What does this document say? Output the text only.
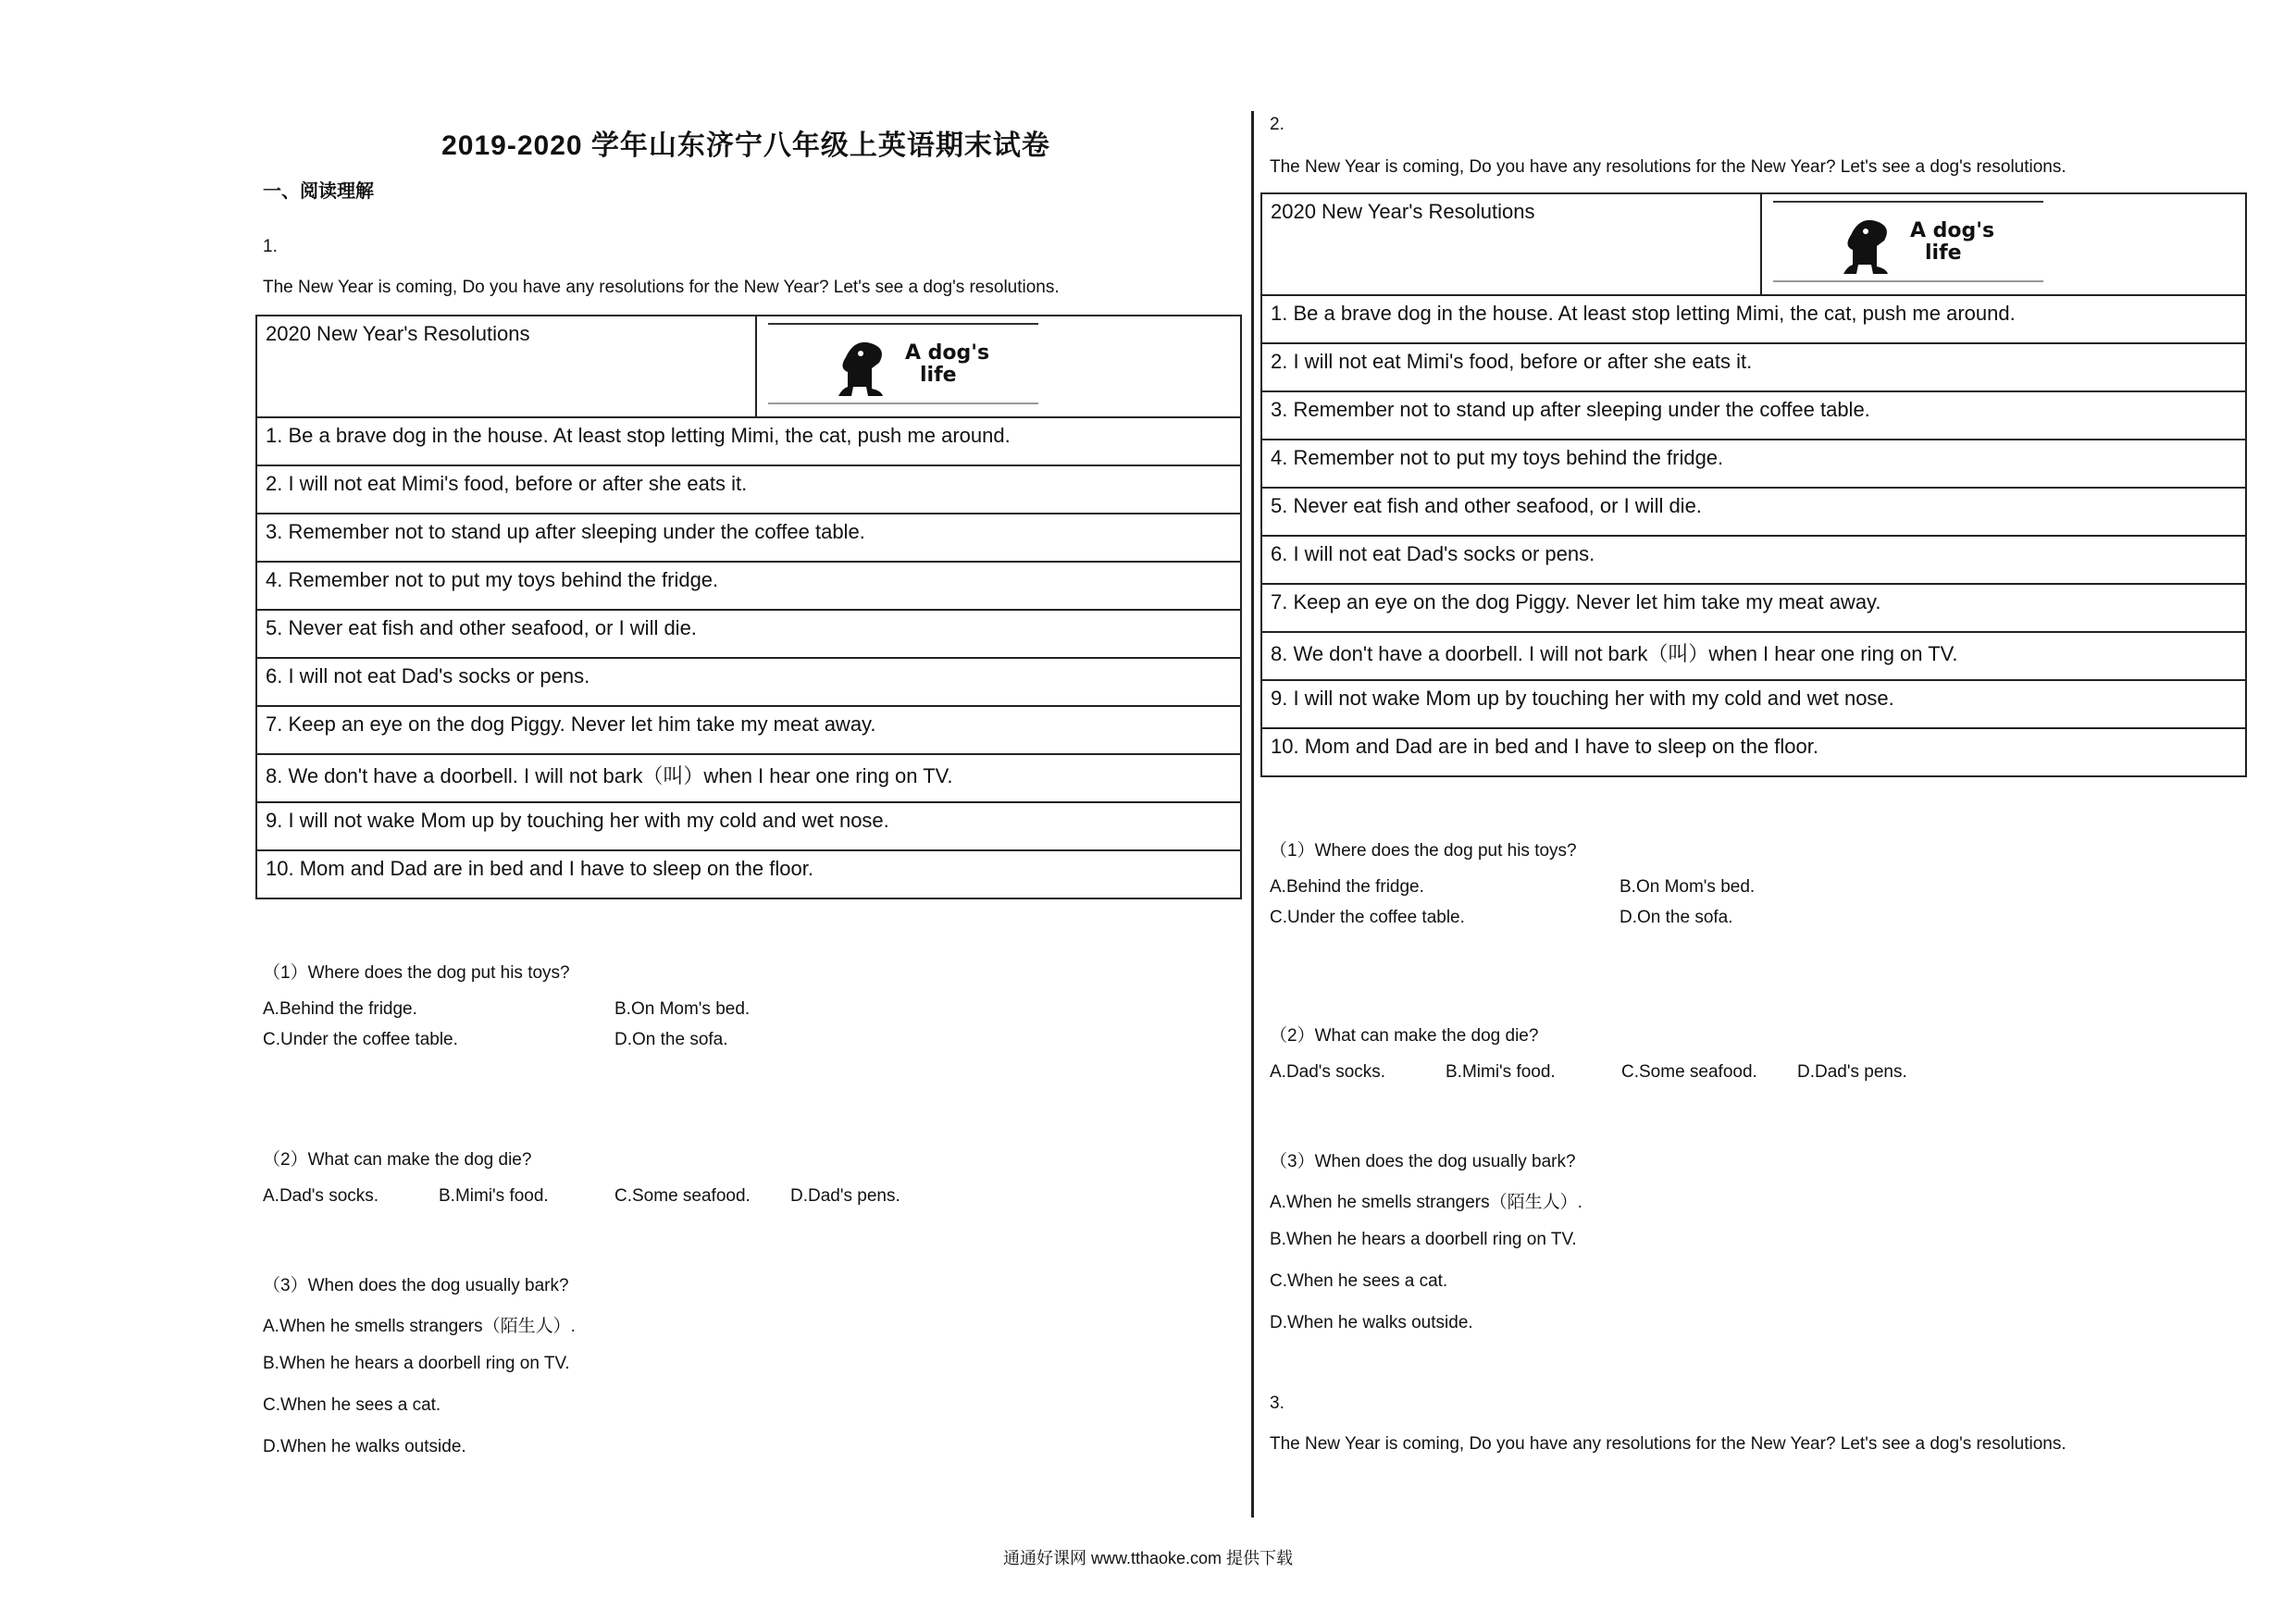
2019-2020 学年山东济宁八年级上英语期末试卷
一、阅读理解
1.
The New Year is coming, Do you have any resolutions for the New Year? Let's see a dog's resolutions.
2020 New Year's Resolutions	
A dog's
life

1. Be a brave dog in the house. At least stop letting Mimi, the cat, push me around.
2. I will not eat Mimi's food, before or after she eats it.
3. Remember not to stand up after sleeping under the coffee table.
4. Remember not to put my toys behind the fridge.
5. Never eat fish and other seafood, or I will die.
6. I will not eat Dad's socks or pens.
7. Keep an eye on the dog Piggy. Never let him take my meat away.
8. We don't have a doorbell. I will not bark（叫）when I hear one ring on TV.
9. I will not wake Mom up by touching her with my cold and wet nose.
10. Mom and Dad are in bed and I have to sleep on the floor.
（1）Where does the dog put his toys?
A.Behind the fridge.	B.On Mom's bed.
C.Under the coffee table.	D.On the sofa.
（2）What can make the dog die?
A.Dad's socks.	B.Mimi's food.	C.Some seafood. D.Dad's pens.
（3）When does the dog usually bark?
A.When he smells strangers（陌生人）.
B.When he hears a doorbell ring on TV.
C.When he sees a cat.
D.When he walks outside.
2.
The New Year is coming, Do you have any resolutions for the New Year? Let's see a dog's resolutions.
2020 New Year's Resolutions	
A dog's
life

1. Be a brave dog in the house. At least stop letting Mimi, the cat, push me around.
2. I will not eat Mimi's food, before or after she eats it.
3. Remember not to stand up after sleeping under the coffee table.
4. Remember not to put my toys behind the fridge.
5. Never eat fish and other seafood, or I will die.
6. I will not eat Dad's socks or pens.
7. Keep an eye on the dog Piggy. Never let him take my meat away.
8. We don't have a doorbell. I will not bark（叫）when I hear one ring on TV.
9. I will not wake Mom up by touching her with my cold and wet nose.
10. Mom and Dad are in bed and I have to sleep on the floor.
（1）Where does the dog put his toys?
A.Behind the fridge.	B.On Mom's bed.
C.Under the coffee table.	D.On the sofa.
（2）What can make the dog die?
A.Dad's socks.	B.Mimi's food.	C.Some seafood. D.Dad's pens.
（3）When does the dog usually bark?
A.When he smells strangers（陌生人）.
B.When he hears a doorbell ring on TV.
C.When he sees a cat.
D.When he walks outside.
3.
The New Year is coming, Do you have any resolutions for the New Year? Let's see a dog's resolutions.
通通好课网 www.tthaoke.com 提供下载
